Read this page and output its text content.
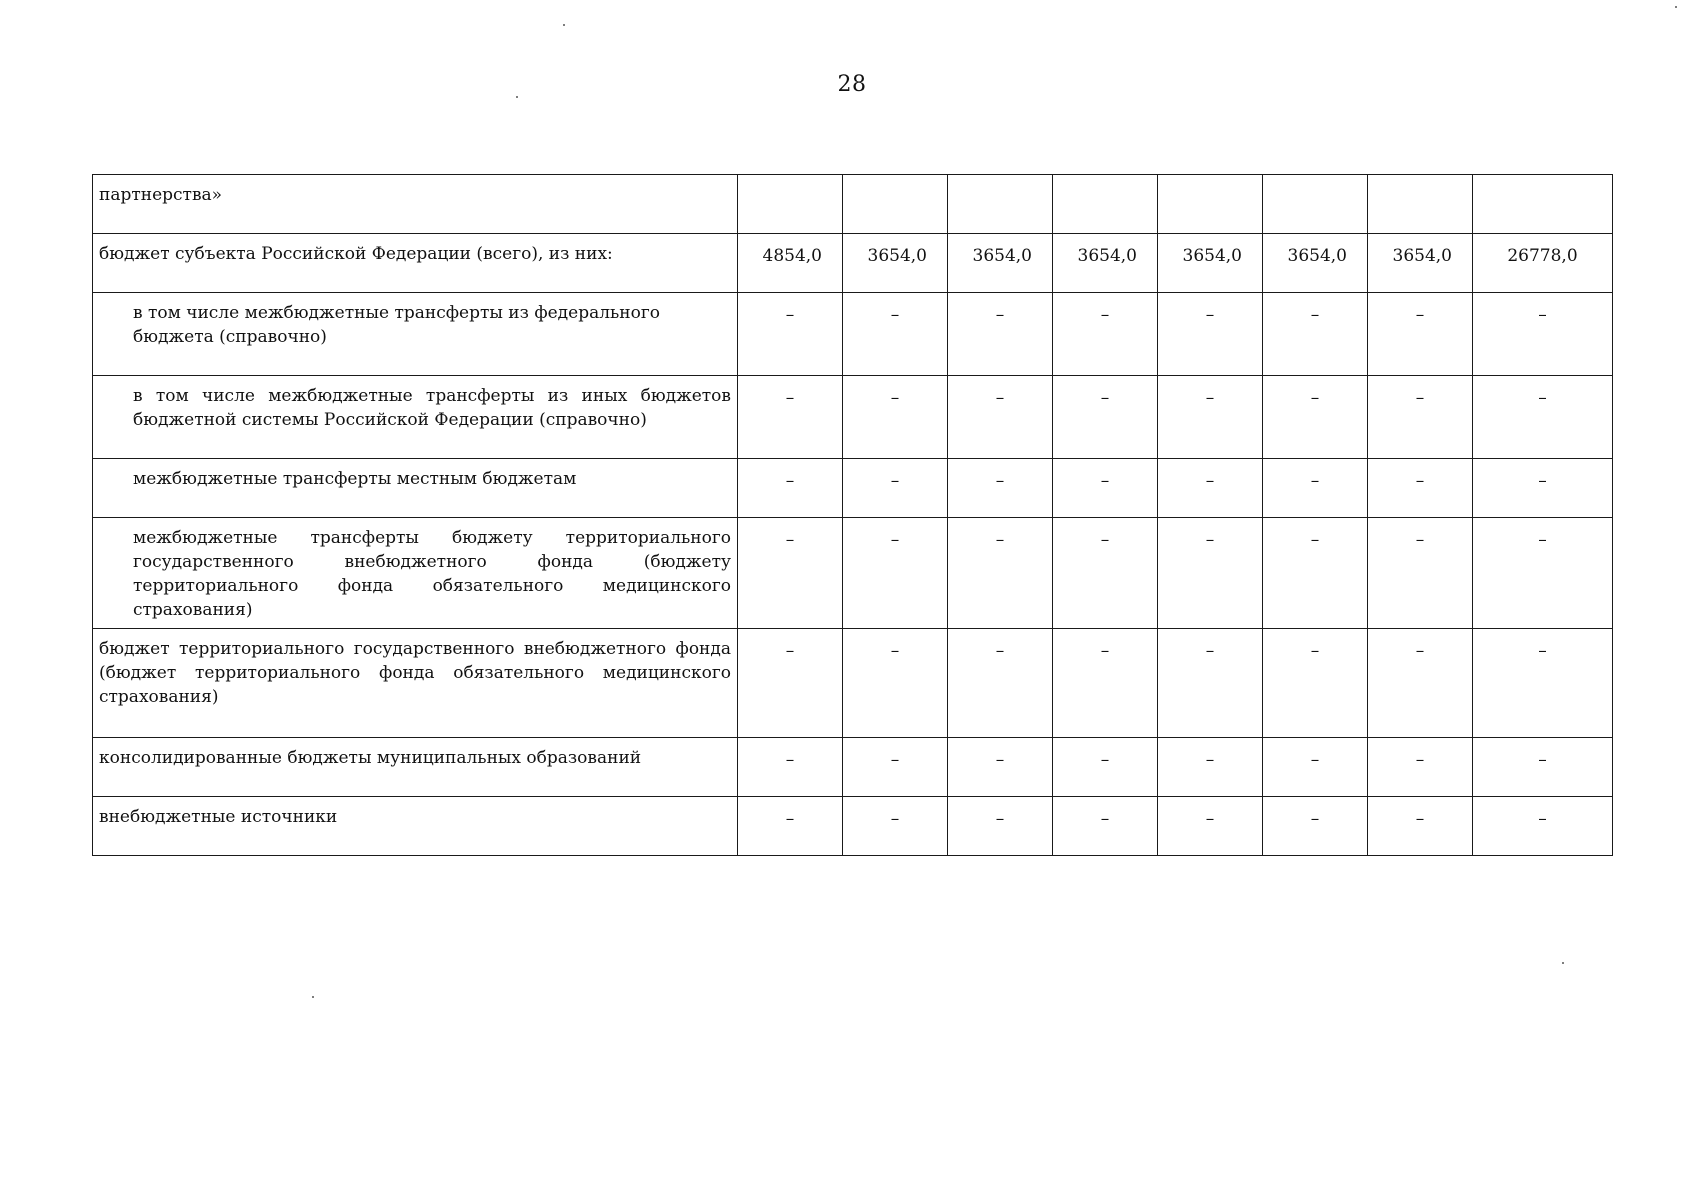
28
партнерства»								
бюджет субъекта Российской Федерации (всего), из них:	4854,0	3654,0	3654,0	3654,0	3654,0	3654,0	3654,0	26778,0
в том числе межбюджетные трансферты из федерального бюджета (справочно)	–	–	–	–	–	–	–	–
в том числе межбюджетные трансферты из иных бюджетов бюджетной системы Российской Федерации (справочно)	–	–	–	–	–	–	–	–
межбюджетные трансферты местным бюджетам	–	–	–	–	–	–	–	–
межбюджетные трансферты бюджету территориального государственного внебюджетного фонда (бюджету территориального фонда обязательного медицинского страхования)	–	–	–	–	–	–	–	–
бюджет территориального государственного внебюджетного фонда (бюджет территориального фонда обязательного медицинского страхования)	–	–	–	–	–	–	–	–
консолидированные бюджеты муниципальных образований	–	–	–	–	–	–	–	–
внебюджетные источники	–	–	–	–	–	–	–	–
